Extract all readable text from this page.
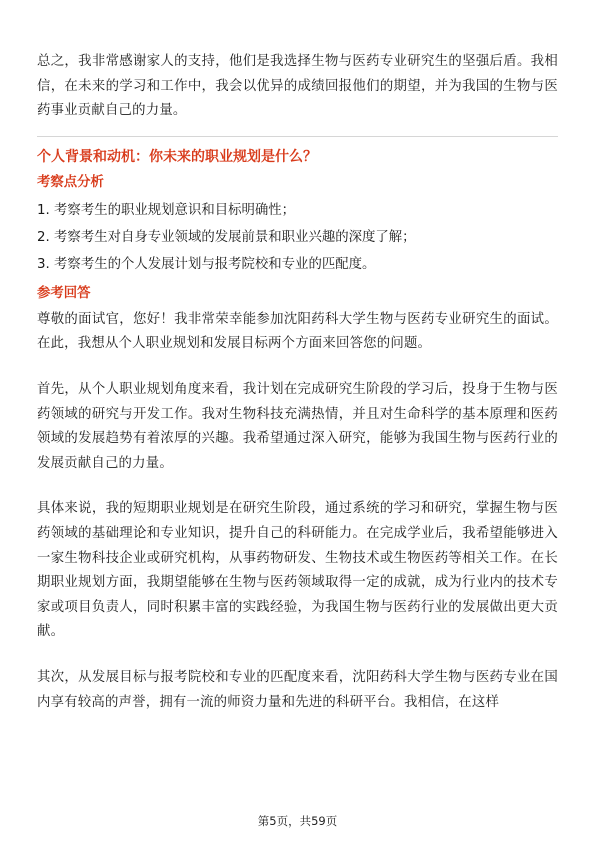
总之，我非常感谢家人的支持，他们是我选择生物与医药专业研究生的坚强后盾。我相信，在未来的学习和工作中，我会以优异的成绩回报他们的期望，并为我国的生物与医药事业贡献自己的力量。

个人背景和动机：你未来的职业规划是什么？

考察点分析

1. 考察考生的职业规划意识和目标明确性；

2. 考察考生对自身专业领域的发展前景和职业兴趣的深度了解；

3. 考察考生的个人发展计划与报考院校和专业的匹配度。

参考回答

尊敬的面试官，您好！我非常荣幸能参加沈阳药科大学生物与医药专业研究生的面试。在此，我想从个人职业规划和发展目标两个方面来回答您的问题。

首先，从个人职业规划角度来看，我计划在完成研究生阶段的学习后，投身于生物与医药领域的研究与开发工作。我对生物科技充满热情，并且对生命科学的基本原理和医药领域的发展趋势有着浓厚的兴趣。我希望通过深入研究，能够为我国生物与医药行业的发展贡献自己的力量。

具体来说，我的短期职业规划是在研究生阶段，通过系统的学习和研究，掌握生物与医药领域的基础理论和专业知识，提升自己的科研能力。在完成学业后，我希望能够进入一家生物科技企业或研究机构，从事药物研发、生物技术或生物医药等相关工作。在长期职业规划方面，我期望能够在生物与医药领域取得一定的成就，成为行业内的技术专家或项目负责人，同时积累丰富的实践经验，为我国生物与医药行业的发展做出更大贡献。

其次，从发展目标与报考院校和专业的匹配度来看，沈阳药科大学生物与医药专业在国内享有较高的声誉，拥有一流的师资力量和先进的科研平台。我相信，在这样

第5页，共59页
